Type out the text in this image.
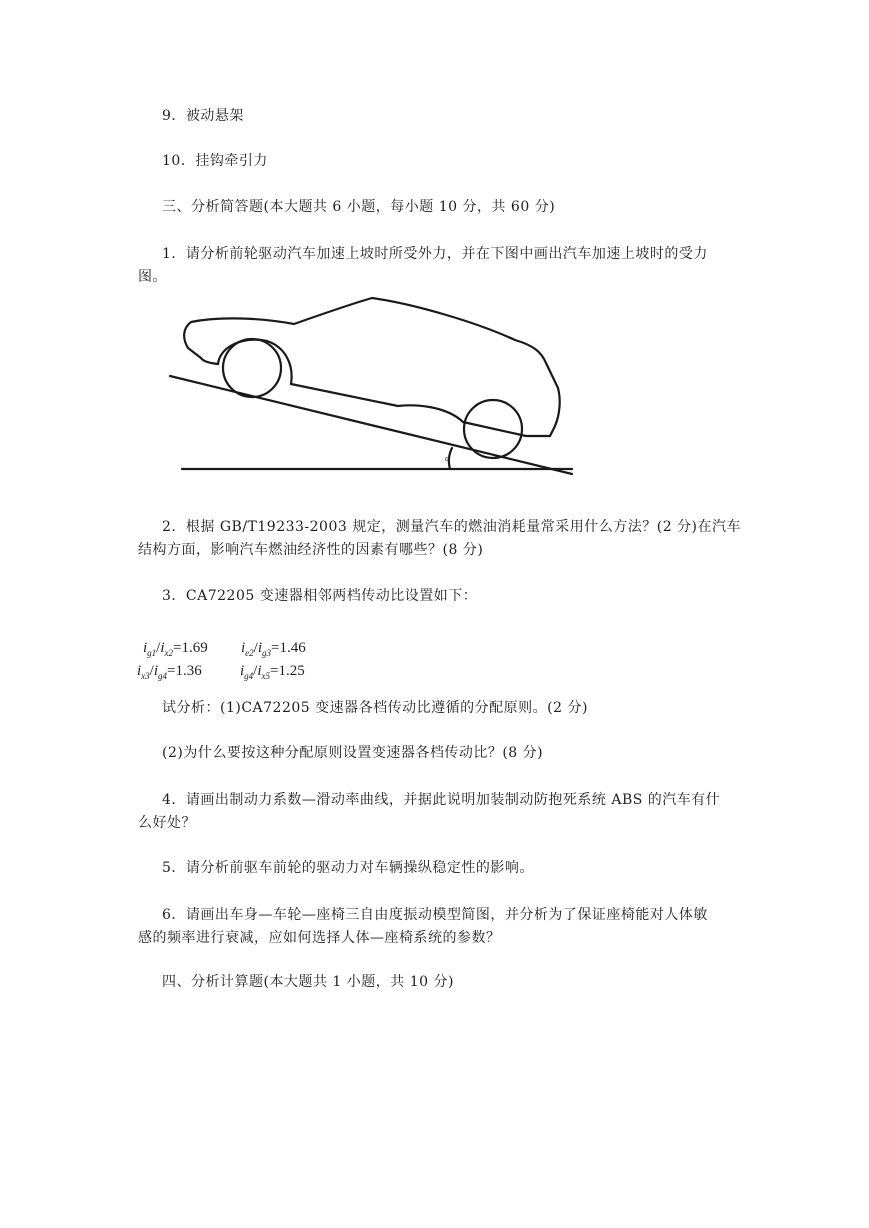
9．被动悬架
10．挂钩牵引力
三、分析简答题(本大题共 6 小题，每小题 10 分，共 60 分)
1．请分析前轮驱动汽车加速上坡时所受外力，并在下图中画出汽车加速上坡时的受力
图。
α
2．根据 GB/T19233-2003 规定，测量汽车的燃油消耗量常采用什么方法？(2 分)在汽车
结构方面，影响汽车燃油经济性的因素有哪些？(8 分)
3．CA72205 变速器相邻两档传动比设置如下：
$i_{g1}/i_{x2}=1.69$ $i_{e2}/i_{g3}=1.46$
$i_{x3}/i_{g4}=1.36$	$i_{g4}/i_{x5}=1.25$
试分析：(1)CA72205 变速器各档传动比遵循的分配原则。(2 分)
(2)为什么要按这种分配原则设置变速器各档传动比？(8 分)
4．请画出制动力系数—滑动率曲线，并据此说明加装制动防抱死系统 ABS 的汽车有什
么好处？
5．请分析前驱车前轮的驱动力对车辆操纵稳定性的影响。
6．请画出车身—车轮—座椅三自由度振动模型简图，并分析为了保证座椅能对人体敏
感的频率进行衰减，应如何选择人体—座椅系统的参数？
四、分析计算题(本大题共 1 小题，共 10 分)
